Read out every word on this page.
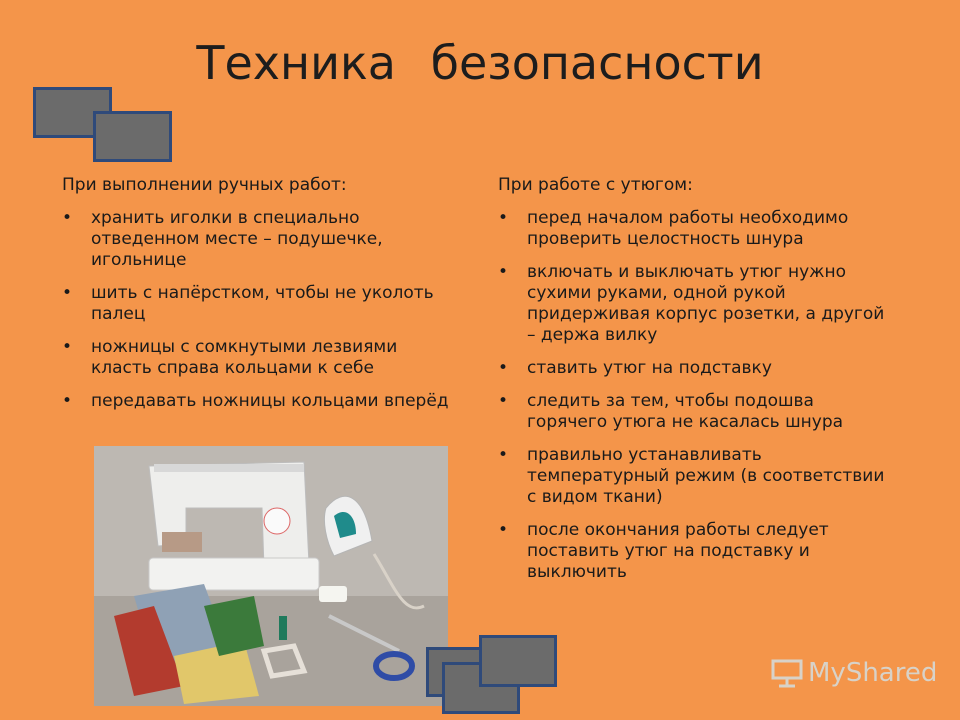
Техника безопасности
При выполнении ручных работ:
• хранить иголки в специально отведенном месте – подушечке, игольнице
• шить с напёрстком, чтобы не уколоть палец
• ножницы с сомкнутыми лезвиями класть справа кольцами к себе
• передавать ножницы кольцами вперёд
При работе с утюгом:
• перед началом работы необходимо проверить целостность шнура
• включать и выключать утюг нужно сухими руками, одной рукой придерживая корпус розетки, а другой – держа вилку
• ставить утюг на подставку
• следить за тем, чтобы подошва горячего утюга не касалась шнура
• правильно устанавливать температурный режим (в соответствии с видом ткани)
• после окончания работы следует поставить утюг на подставку и выключить
MyShared
